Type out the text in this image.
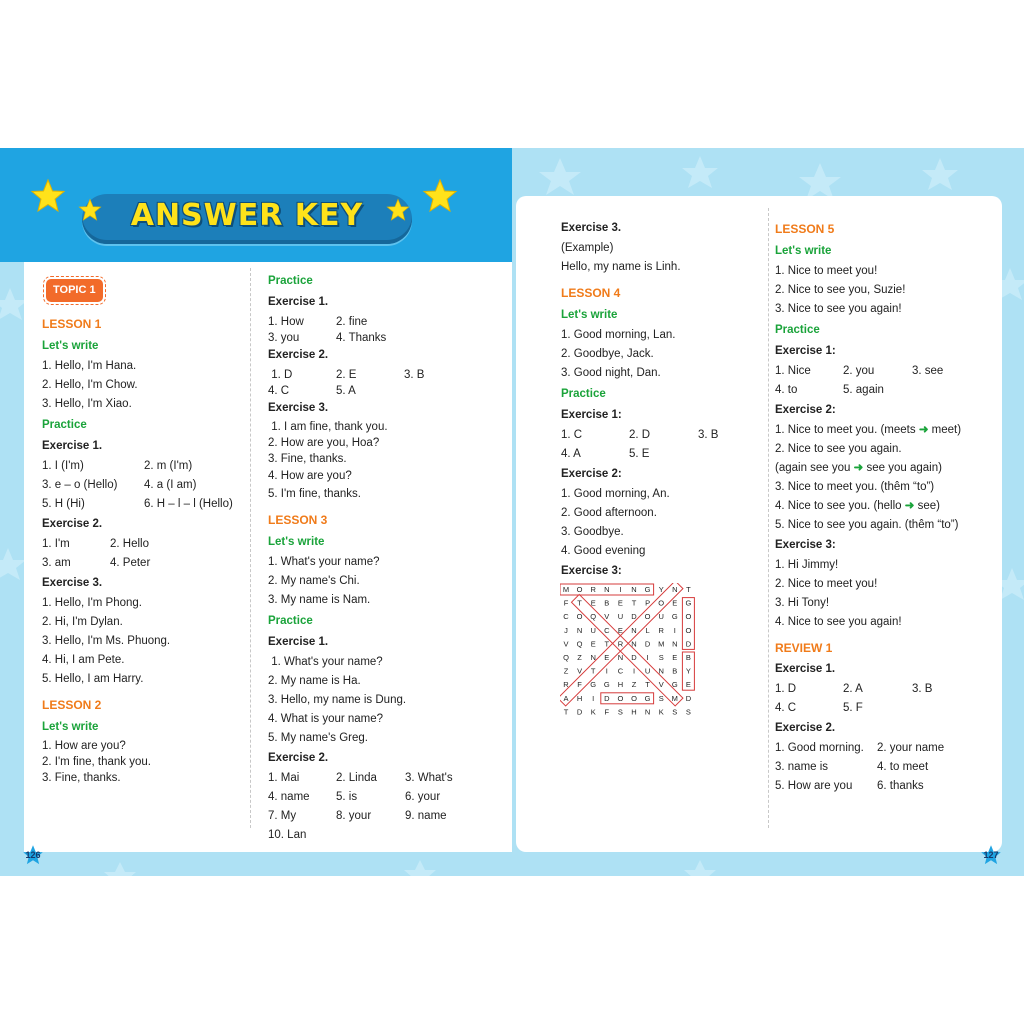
ANSWER KEY
126	127
TOPIC 1
LESSON 1
Let's write
1. Hello, I'm Hana.
2. Hello, I'm Chow.
3. Hello, I'm Xiao.
Practice
Exercise 1.
1. I (I'm)	2. m (I'm)
3. e – o (Hello) 4. a (I am)
5. H (Hi)	6. H – l – l (Hello)
Exercise 2.
1. I'm	2. Hello
3. am	4. Peter
Exercise 3.
1. Hello, I'm Phong.
2. Hi, I'm Dylan.
3. Hello, I'm Ms. Phuong.
4. Hi, I am Pete.
5. Hello, I am Harry.
LESSON 2
Let's write
1. How are you?
2. I'm fine, thank you.
3. Fine, thanks.
Practice
Exercise 1.
1. How	2. fine
3. you	4. Thanks
Exercise 2.
1. D	2. E	3. B
4. C	5. A
Exercise 3.
1. I am fine, thank you.
2. How are you, Hoa?
3. Fine, thanks.
4. How are you?
5. I'm fine, thanks.
LESSON 3
Let's write
1. What's your name?
2. My name's Chi.
3. My name is Nam.
Practice
Exercise 1.
1. What's your name?
2. My name is Ha.
3. Hello, my name is Dung.
4. What is your name?
5. My name's Greg.
Exercise 2.
1. Mai	2. Linda 3. What's
4. name 5. is	6. your
7. My	8. your	9. name
10. Lan
Exercise 3.
(Example)
Hello, my name is Linh.
LESSON 4
Let's write
1. Good morning, Lan.
2. Goodbye, Jack.
3. Good night, Dan.
Practice
Exercise 1:
1. C	2. D	3. B
4. A	5. E
Exercise 2:
1. Good morning, An.
2. Good afternoon.
3. Goodbye.
4. Good evening
Exercise 3:
M O R N I N G Y N T
F T E B E T P O E G
C O Q V U D O U G O
J N U C E N L R I O
V Q E T R N D M N D
Q Z N E N D I S E B
Z V T I C I U N B Y
R F G G H Z T V G E
A H I D O O G S M D
T D K F S H N K S S
LESSON 5
Let's write
1. Nice to meet you!
2. Nice to see you, Suzie!
3. Nice to see you again!
Practice
Exercise 1:
1. Nice	2. you	3. see
4. to	5. again
Exercise 2:
1. Nice to meet you. (meets ➜ meet)
2. Nice to see you again.
(again see you ➜ see you again)
3. Nice to meet you. (thêm “to”)
4. Nice to see you. (hello ➜ see)
5. Nice to see you again. (thêm “to”)
Exercise 3:
1. Hi Jimmy!
2. Nice to meet you!
3. Hi Tony!
4. Nice to see you again!
REVIEW 1
Exercise 1.
1. D	2. A	3. B
4. C	5. F
Exercise 2.
1. Good morning. 2. your name
3. name is	4. to meet
5. How are you 6. thanks
